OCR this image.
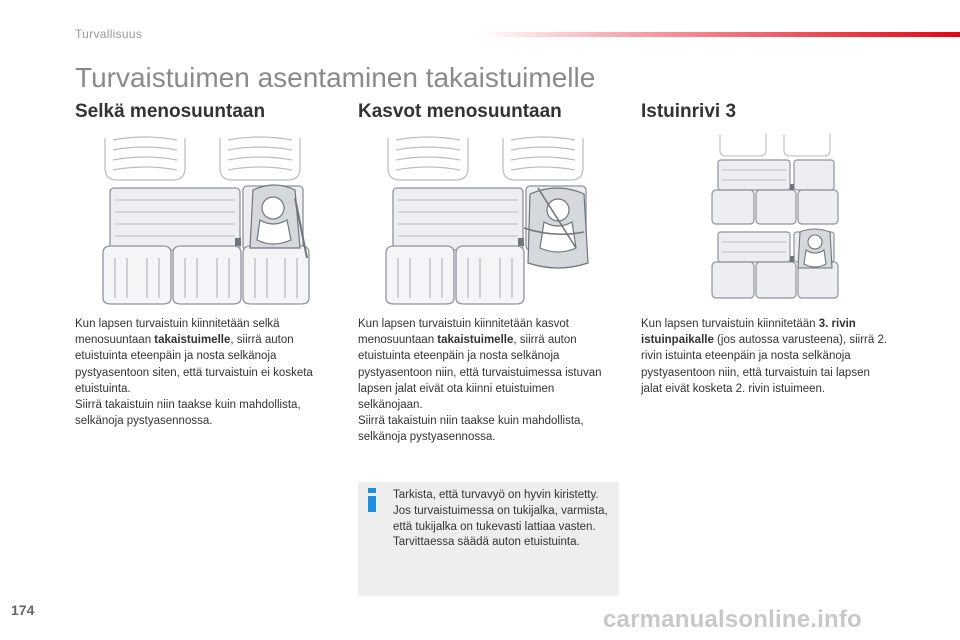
Turvallisuus
Turvaistuimen asentaminen takaistuimelle
Selkä menosuuntaan	Kasvot menosuuntaan	Istuinrivi 3

Kun lapsen turvaistuin kiinnitetään selkä menosuuntaan takaistuimelle, siirrä auton etuistuinta eteenpäin ja nosta selkänoja pystyasentoon siten, että turvaistuin ei kosketa etuistuinta.

Siirrä takaistuin niin taakse kuin mahdollista, selkänoja pystyasennossa.

Kun lapsen turvaistuin kiinnitetään kasvot menosuuntaan takaistuimelle, siirrä auton etuistuinta eteenpäin ja nosta selkänoja pystyasentoon niin, että turvaistuimessa istuvan lapsen jalat eivät ota kiinni etuistuimen selkänojaan.

Siirrä takaistuin niin taakse kuin mahdollista, selkänoja pystyasennossa.

Kun lapsen turvaistuin kiinnitetään 3. rivin istuinpaikalle (jos autossa varusteena), siirrä 2. rivin istuinta eteenpäin ja nosta selkänoja pystyasentoon niin, että turvaistuin tai lapsen jalat eivät kosketa 2. rivin istuimeen.

Tarkista, että turvavyö on hyvin kiristetty.

Jos turvaistuimessa on tukijalka, varmista, että tukijalka on tukevasti lattiaa vasten. Tarvittaessa säädä auton etuistuinta.

174	carmanualsonline.info
